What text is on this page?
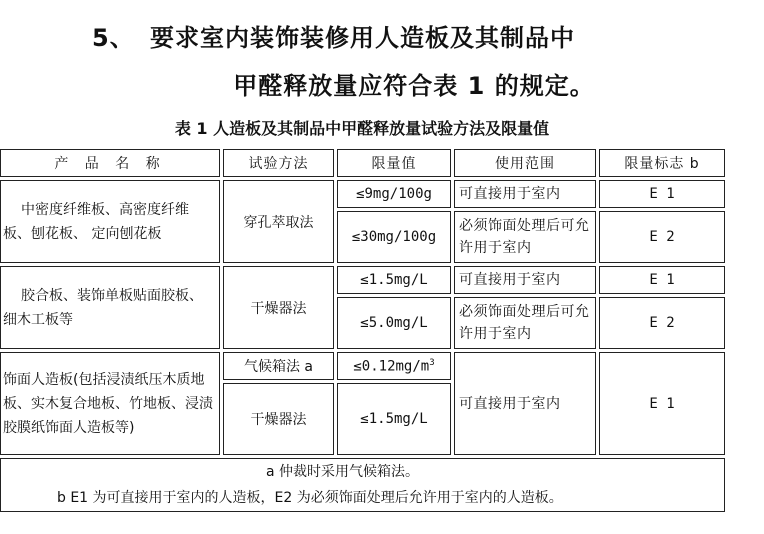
5、 要求室内装饰装修用人造板及其制品中
甲醛释放量应符合表 1 的规定。
表 1 人造板及其制品中甲醛释放量试验方法及限量值
产 品 名 称	试验方法	限量值	使用范围	限量标志 b
中密度纤维板、高密度纤维板、刨花板、 定向刨花板	穿孔萃取法	≤9mg/100g	可直接用于室内	E 1
		≤30mg/100g	必须饰面处理后可允许用于室内	E 2
胶合板、装饰单板贴面胶板、细木工板等	干燥器法	≤1.5mg/L	可直接用于室内	E 1
		≤5.0mg/L	必须饰面处理后可允许用于室内	E 2
饰面人造板(包括浸渍纸压木质地板、实木复合地板、竹地板、浸渍胶膜纸饰面人造板等)	气候箱法 a	$\le 0.12mg/m^3$	可直接用于室内	E 1
	干燥器法	≤1.5mg/L		

a 仲裁时采用气候箱法。
b E1 为可直接用于室内的人造板，E2 为必须饰面处理后允许用于室内的人造板。				
